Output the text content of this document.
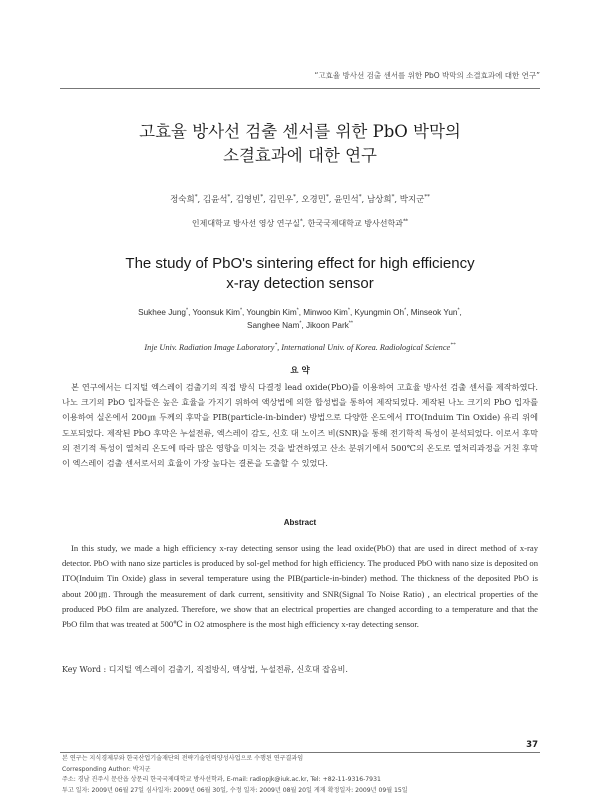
“고효율 방사선 검출 센서를 위한 PbO 박막의 소결효과에 대한 연구”
고효율 방사선 검출 센서를 위한 PbO 박막의
소결효과에 대한 연구
정숙희*, 김윤석*, 김영빈*, 김민우*, 오경민*, 윤민석*, 남상희*, 박지군**
인제대학교 방사선 영상 연구실*, 한국국제대학교 방사선학과**
The study of PbO's sintering effect for high efficiency
x-ray detection sensor
Sukhee Jung*, Yoonsuk Kim*, Youngbin Kim*, Minwoo Kim*, Kyungmin Oh*, Minseok Yun*,
Sanghee Nam*, Jikoon Park**
Inje Univ. Radiation Image Laboratory*, International Univ. of Korea. Radiological Science**
요 약
본 연구에서는 디지털 엑스레이 검출기의 직접 방식 다결정 lead oxide(PbO)를 이용하여 고효율 방사선 검출 센서를 제작하였다. 나노 크기의 PbO 입자들은 높은 효율을 가지기 위하여 액상법에 의한 합성법을 통하여 제작되었다. 제작된 나노 크기의 PbO 입자를 이용하여 실온에서 200㎛ 두께의 후막을 PIB(particle-in-binder) 방법으로 다양한 온도에서 ITO(Induim Tin Oxide) 유리 위에 도포되었다. 제작된 PbO 후막은 누설전류, 엑스레이 감도, 신호 대 노이즈 비(SNR)을 통해 전기학적 특성이 분석되었다. 이로서 후막의 전기적 특성이 열처리 온도에 따라 많은 영향을 미치는 것을 발견하였고 산소 분위기에서 500℃의 온도로 열처리과정을 거친 후막이 엑스레이 검출 센서로서의 효율이 가장 높다는 결론을 도출할 수 있었다.
Abstract
In this study, we made a high efficiency x-ray detecting sensor using the lead oxide(PbO) that are used in direct method of x-ray detector. PbO with nano size particles is produced by sol-gel method for high efficiency. The produced PbO with nano size is deposited on ITO(Induim Tin Oxide) glass in several temperature using the PIB(particle-in-binder) method. The thickness of the deposited PbO is about 200㎛. Through the measurement of dark current, sensitivity and SNR(Signal To Noise Ratio) , an electrical properties of the produced PbO film are analyzed. Therefore, we show that an electrical properties are changed according to a temperature and that the PbO film that was treated at 500℃ in O2 atmosphere is the most high efficiency x-ray detecting sensor.
Key Word : 디지털 엑스레이 검출기, 직접방식, 액상법, 누설전류, 신호대 잡음비.
37
본 연구는 지식경제부와 한국산업기술재단의 전략기술인력양성사업으로 수행된 연구결과임
Corresponding Author: 박지군
주소: 경남 진주시 문산읍 상문리 한국국제대학교 방사선학과, E-mail: radiopjk@iuk.ac.kr, Tel: +82-11-9316-7931
투고 일자: 2009년 06월 27일 심사일자: 2009년 06월 30일, 수정 일자: 2009년 08월 20일 게재 확정일자: 2009년 09월 15일
